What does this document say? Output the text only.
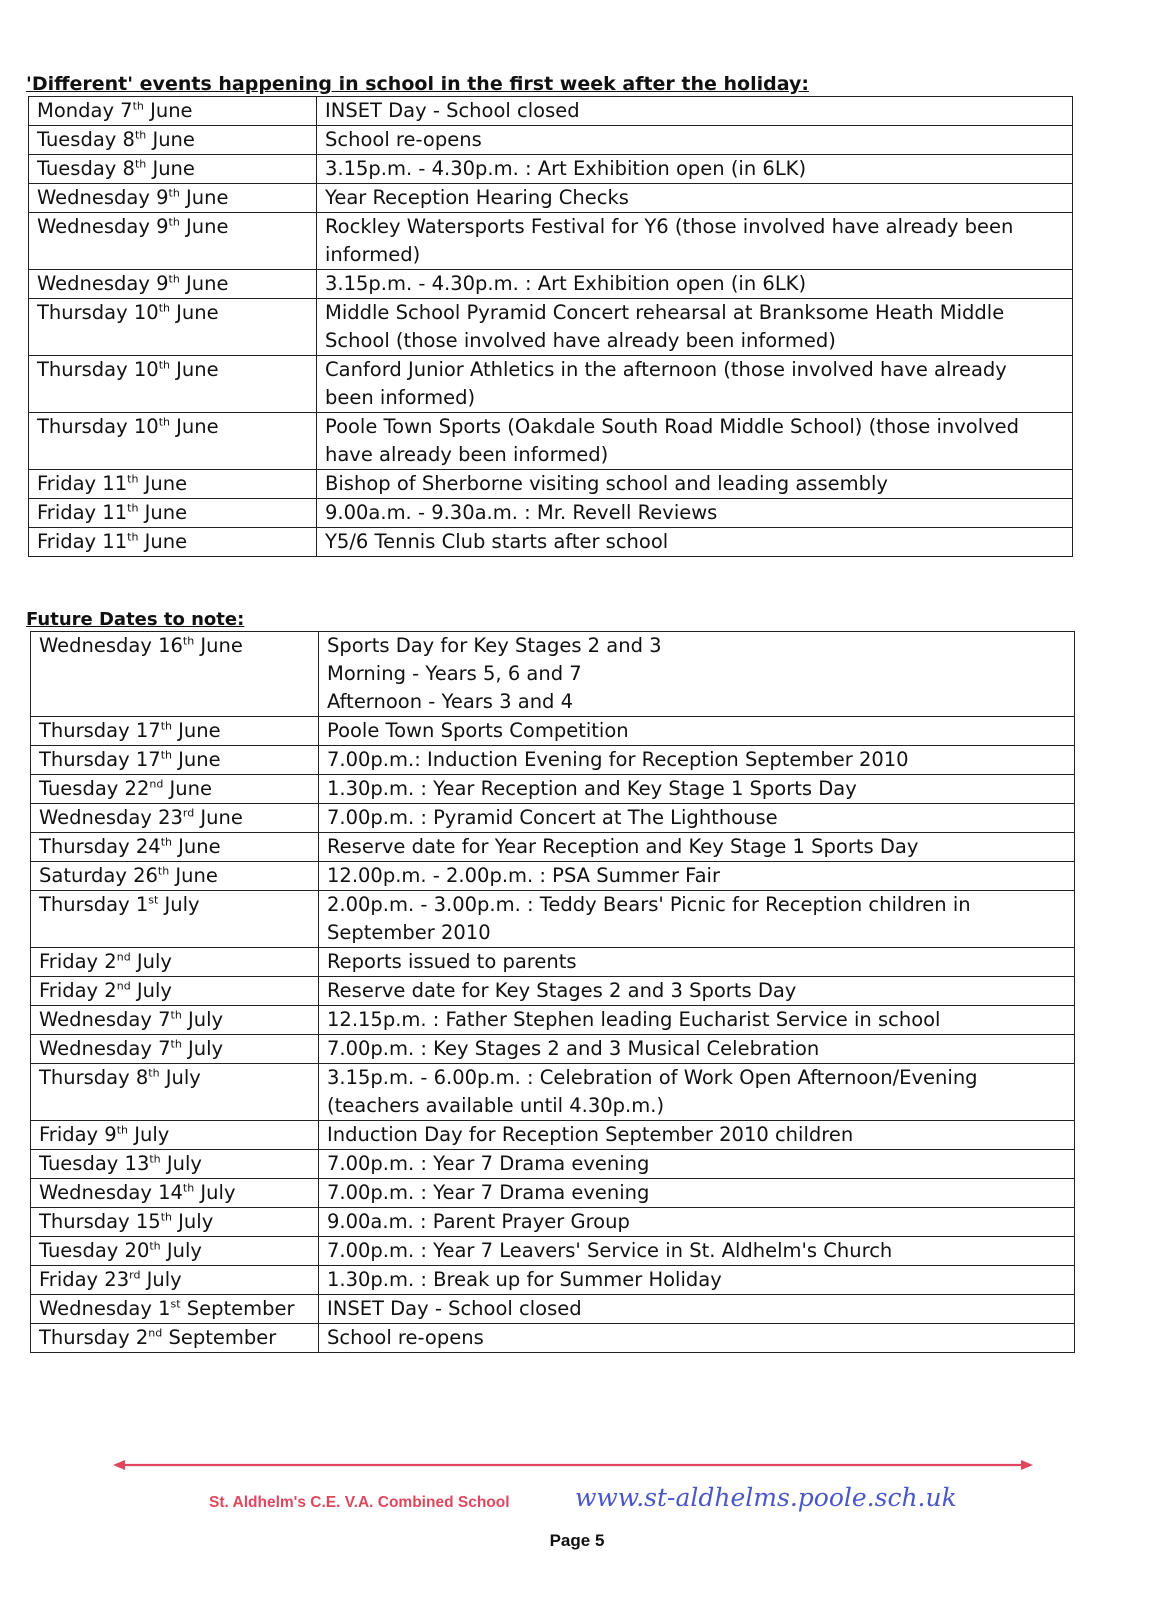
'Different' events happening in school in the first week after the holiday:
Monday 7th June	INSET Day - School closed
Tuesday 8th June	School re-opens
Tuesday 8th June	3.15p.m. - 4.30p.m. : Art Exhibition open (in 6LK)
Wednesday 9th June	Year Reception Hearing Checks
Wednesday 9th June	Rockley Watersports Festival for Y6 (those involved have already been
informed)
Wednesday 9th June	3.15p.m. - 4.30p.m. : Art Exhibition open (in 6LK)
Thursday 10th June	Middle School Pyramid Concert rehearsal at Branksome Heath Middle
School (those involved have already been informed)
Thursday 10th June	Canford Junior Athletics in the afternoon (those involved have already
been informed)
Thursday 10th June	Poole Town Sports (Oakdale South Road Middle School) (those involved
have already been informed)
Friday 11th June	Bishop of Sherborne visiting school and leading assembly
Friday 11th June	9.00a.m. - 9.30a.m. : Mr. Revell Reviews
Friday 11th June	Y5/6 Tennis Club starts after school
Future Dates to note:
Wednesday 16th June	Sports Day for Key Stages 2 and 3
Morning - Years 5, 6 and 7
Afternoon - Years 3 and 4
Thursday 17th June	Poole Town Sports Competition
Thursday 17th June	7.00p.m.: Induction Evening for Reception September 2010
Tuesday 22nd June	1.30p.m. : Year Reception and Key Stage 1 Sports Day
Wednesday 23rd June	7.00p.m. : Pyramid Concert at The Lighthouse
Thursday 24th June	Reserve date for Year Reception and Key Stage 1 Sports Day
Saturday 26th June	12.00p.m. - 2.00p.m. : PSA Summer Fair
Thursday 1st July	2.00p.m. - 3.00p.m. : Teddy Bears' Picnic for Reception children in
September 2010
Friday 2nd July	Reports issued to parents
Friday 2nd July	Reserve date for Key Stages 2 and 3 Sports Day
Wednesday 7th July	12.15p.m. : Father Stephen leading Eucharist Service in school
Wednesday 7th July	7.00p.m. : Key Stages 2 and 3 Musical Celebration
Thursday 8th July	3.15p.m. - 6.00p.m. : Celebration of Work Open Afternoon/Evening
(teachers available until 4.30p.m.)
Friday 9th July	Induction Day for Reception September 2010 children
Tuesday 13th July	7.00p.m. : Year 7 Drama evening
Wednesday 14th July	7.00p.m. : Year 7 Drama evening
Thursday 15th July	9.00a.m. : Parent Prayer Group
Tuesday 20th July	7.00p.m. : Year 7 Leavers' Service in St. Aldhelm's Church
Friday 23rd July	1.30p.m. : Break up for Summer Holiday
Wednesday 1st September	INSET Day - School closed
Thursday 2nd September	School re-opens
St. Aldhelm's C.E. V.A. Combined School	www.st-aldhelms.poole.sch.uk
Page 5
